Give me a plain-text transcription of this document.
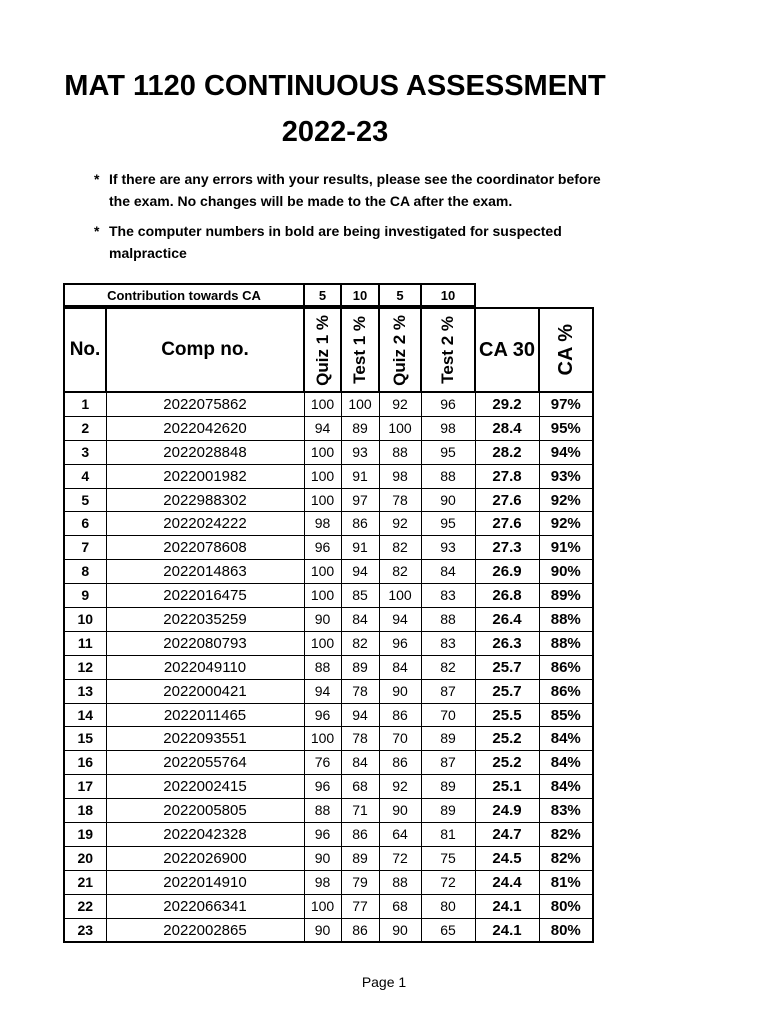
MAT 1120 CONTINUOUS ASSESSMENT
2022-23
* If there are any errors with your results, please see the coordinator before the exam. No changes will be made to the CA after the exam.
* The computer numbers in bold are being investigated for suspected malpractice
Contribution towards CA	5	10	5	10
No.	Comp no.	Quiz 1 %	Test 1 %	Quiz 2 %	Test 2 %	CA 30	CA %

1	2022075862	100	100	92	96	29.2	97%
2	2022042620	94	89	100	98	28.4	95%
3	2022028848	100	93	88	95	28.2	94%
4	2022001982	100	91	98	88	27.8	93%
5	2022988302	100	97	78	90	27.6	92%
6	2022024222	98	86	92	95	27.6	92%
7	2022078608	96	91	82	93	27.3	91%
8	2022014863	100	94	82	84	26.9	90%
9	2022016475	100	85	100	83	26.8	89%
10	2022035259	90	84	94	88	26.4	88%
11	2022080793	100	82	96	83	26.3	88%
12	2022049110	88	89	84	82	25.7	86%
13	2022000421	94	78	90	87	25.7	86%
14	2022011465	96	94	86	70	25.5	85%
15	2022093551	100	78	70	89	25.2	84%
16	2022055764	76	84	86	87	25.2	84%
17	2022002415	96	68	92	89	25.1	84%
18	2022005805	88	71	90	89	24.9	83%
19	2022042328	96	86	64	81	24.7	82%
20	2022026900	90	89	72	75	24.5	82%
21	2022014910	98	79	88	72	24.4	81%
22	2022066341	100	77	68	80	24.1	80%
23	2022002865	90	86	90	65	24.1	80%
Page 1
